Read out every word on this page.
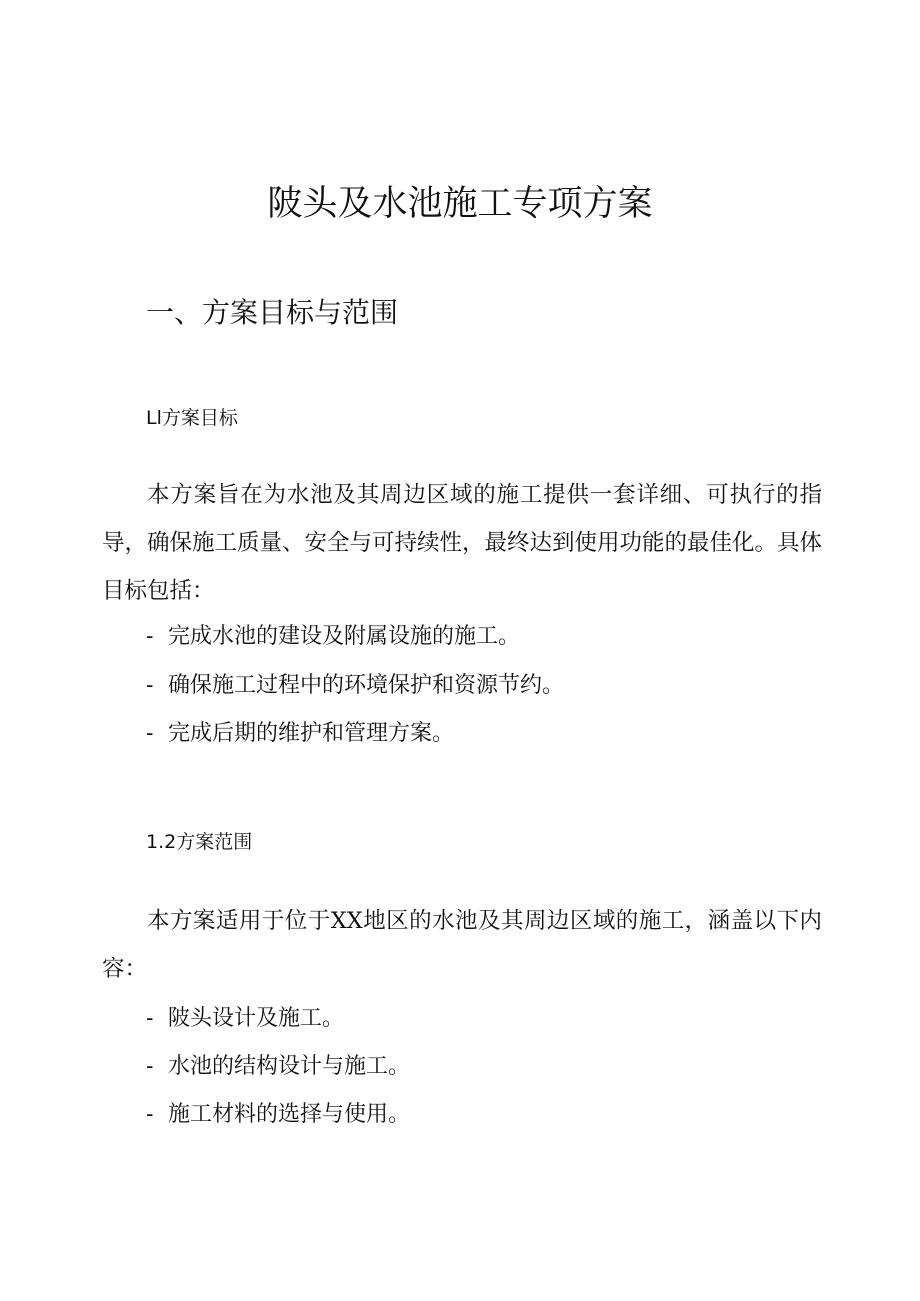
陂头及水池施工专项方案
一、方案目标与范围
Ll方案目标

本方案旨在为水池及其周边区域的施工提供一套详细、可执行的指导，确保施工质量、安全与可持续性，最终达到使用功能的最佳化。具体目标包括：

- 完成水池的建设及附属设施的施工。
- 确保施工过程中的环境保护和资源节约。
- 完成后期的维护和管理方案。
1.2方案范围

本方案适用于位于XX地区的水池及其周边区域的施工，涵盖以下内容：

- 陂头设计及施工。
- 水池的结构设计与施工。
- 施工材料的选择与使用。
